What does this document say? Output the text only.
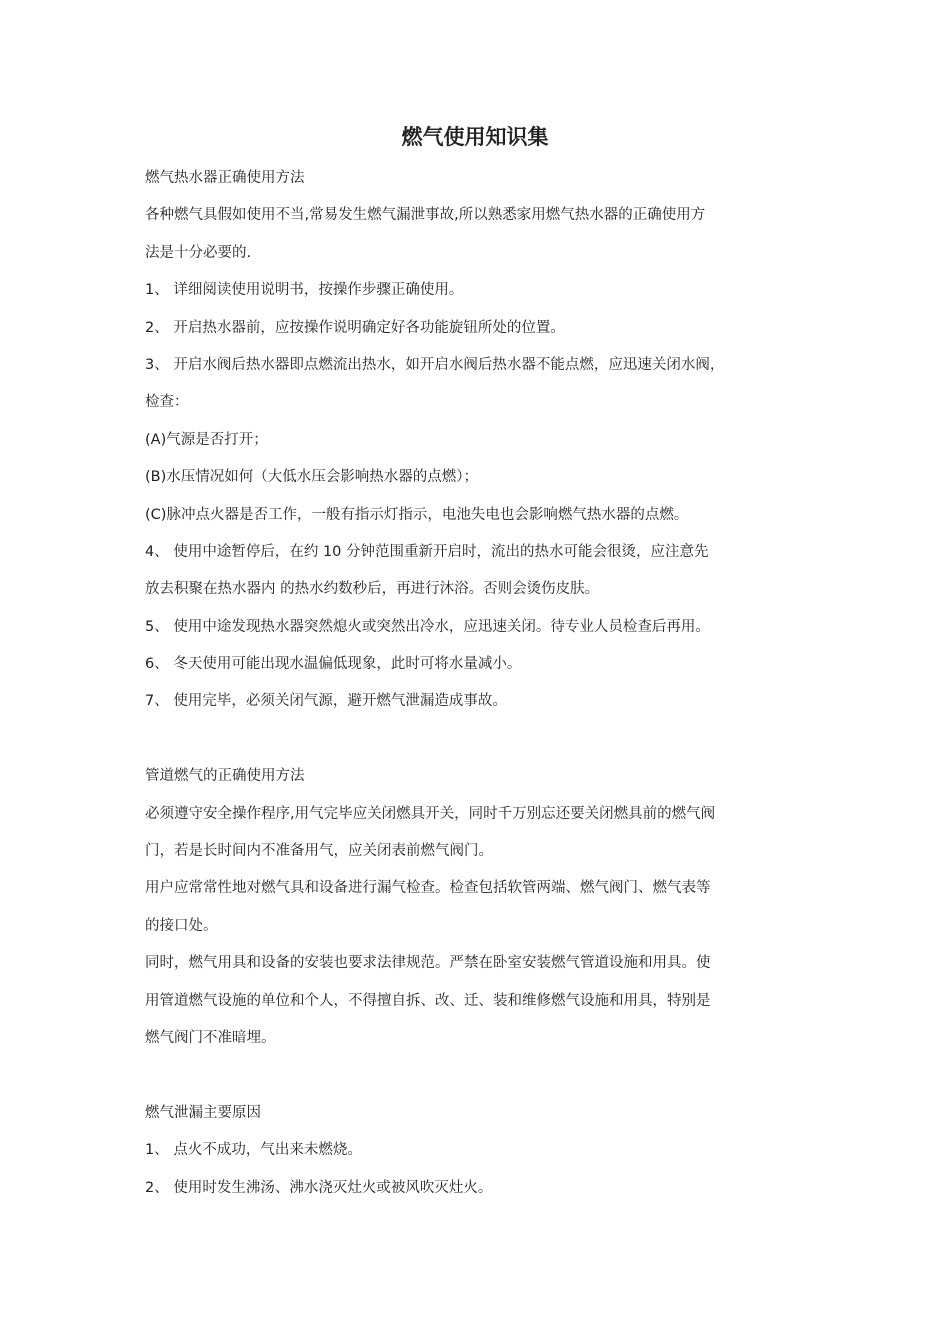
燃气使用知识集
燃气热水器正确使用方法
各种燃气具假如使用不当,常易发生燃气漏泄事故,所以熟悉家用燃气热水器的正确使用方
法是十分必要的.
1、 详细阅读使用说明书，按操作步骤正确使用。
2、 开启热水器前，应按操作说明确定好各功能旋钮所处的位置。
3、 开启水阀后热水器即点燃流出热水，如开启水阀后热水器不能点燃，应迅速关闭水阀，
检查：
(A)气源是否打开；
(B)水压情况如何（大低水压会影响热水器的点燃）；
(C)脉冲点火器是否工作，一般有指示灯指示，电池失电也会影响燃气热水器的点燃。
4、 使用中途暂停后，在约 10 分钟范围重新开启时，流出的热水可能会很烫，应注意先
放去积聚在热水器内 的热水约数秒后，再进行沐浴。否则会烫伤皮肤。
5、 使用中途发现热水器突然熄火或突然出冷水，应迅速关闭。待专业人员检查后再用。
6、 冬天使用可能出现水温偏低现象，此时可将水量减小。
7、 使用完毕，必须关闭气源，避开燃气泄漏造成事故。
管道燃气的正确使用方法
必须遵守安全操作程序,用气完毕应关闭燃具开关，同时千万别忘还要关闭燃具前的燃气阀
门，若是长时间内不准备用气，应关闭表前燃气阀门。
用户应常常性地对燃气具和设备进行漏气检查。检查包括软管两端、燃气阀门、燃气表等
的接口处。
同时，燃气用具和设备的安装也要求法律规范。严禁在卧室安装燃气管道设施和用具。使
用管道燃气设施的单位和个人，不得擅自拆、改、迁、装和维修燃气设施和用具，特别是
燃气阀门不准暗埋。
燃气泄漏主要原因
1、 点火不成功，气出来未燃烧。
2、 使用时发生沸汤、沸水浇灭灶火或被风吹灭灶火。
